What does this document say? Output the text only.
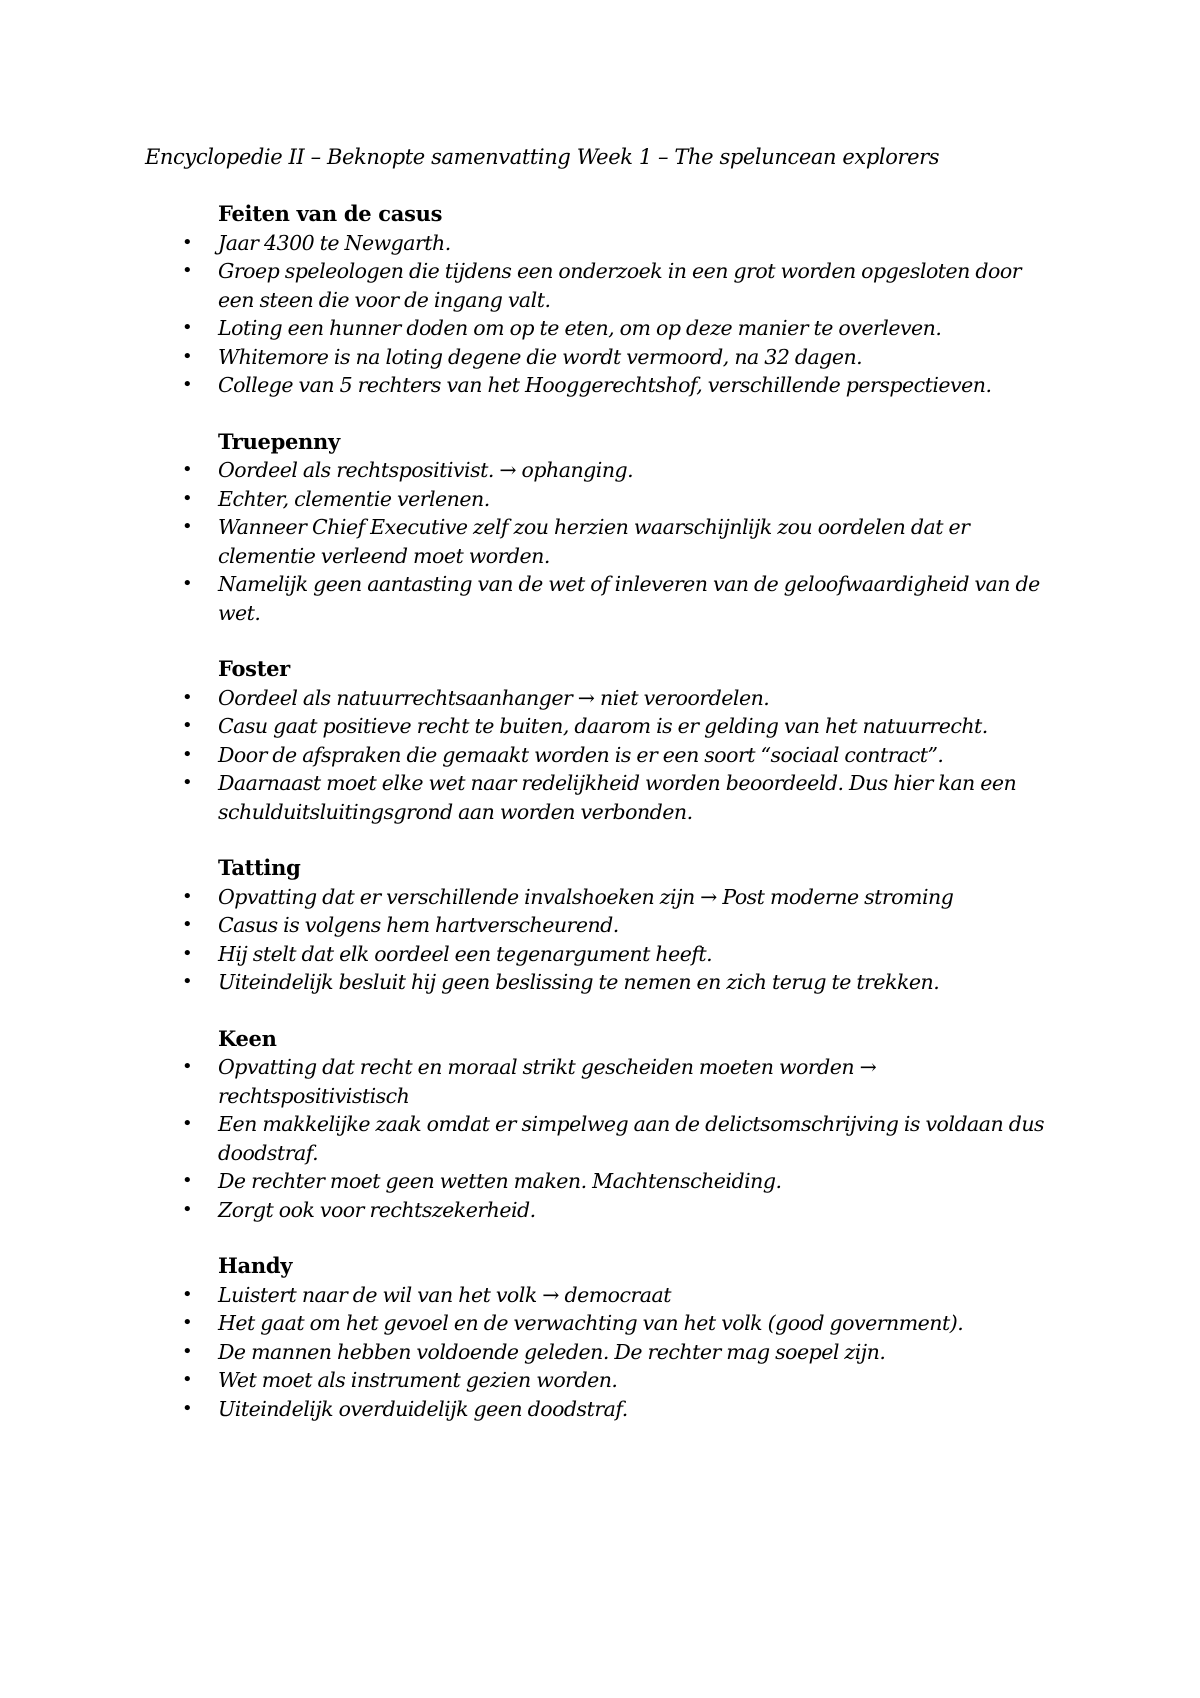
Encyclopedie II – Beknopte samenvatting Week 1 – The speluncean explorers
Feiten van de casus
• Jaar 4300 te Newgarth.
• Groep speleologen die tijdens een onderzoek in een grot worden opgesloten door een steen die voor de ingang valt.
• Loting een hunner doden om op te eten, om op deze manier te overleven.
• Whitemore is na loting degene die wordt vermoord, na 32 dagen.
• College van 5 rechters van het Hooggerechtshof, verschillende perspectieven.
Truepenny
• Oordeel als rechtspositivist. → ophanging.
• Echter, clementie verlenen.
• Wanneer Chief Executive zelf zou herzien waarschijnlijk zou oordelen dat er clementie verleend moet worden.
• Namelijk geen aantasting van de wet of inleveren van de geloofwaardigheid van de wet.
Foster
• Oordeel als natuurrechtsaanhanger → niet veroordelen.
• Casu gaat positieve recht te buiten, daarom is er gelding van het natuurrecht.
• Door de afspraken die gemaakt worden is er een soort “sociaal contract”.
• Daarnaast moet elke wet naar redelijkheid worden beoordeeld. Dus hier kan een schulduitsluitingsgrond aan worden verbonden.
Tatting
• Opvatting dat er verschillende invalshoeken zijn → Post moderne stroming
• Casus is volgens hem hartverscheurend.
• Hij stelt dat elk oordeel een tegenargument heeft.
• Uiteindelijk besluit hij geen beslissing te nemen en zich terug te trekken.
Keen
• Opvatting dat recht en moraal strikt gescheiden moeten worden → rechtspositivistisch
• Een makkelijke zaak omdat er simpelweg aan de delictsomschrijving is voldaan dus doodstraf.
• De rechter moet geen wetten maken. Machtenscheiding.
• Zorgt ook voor rechtszekerheid.
Handy
• Luistert naar de wil van het volk → democraat
• Het gaat om het gevoel en de verwachting van het volk (good government).
• De mannen hebben voldoende geleden. De rechter mag soepel zijn.
• Wet moet als instrument gezien worden.
• Uiteindelijk overduidelijk geen doodstraf.
